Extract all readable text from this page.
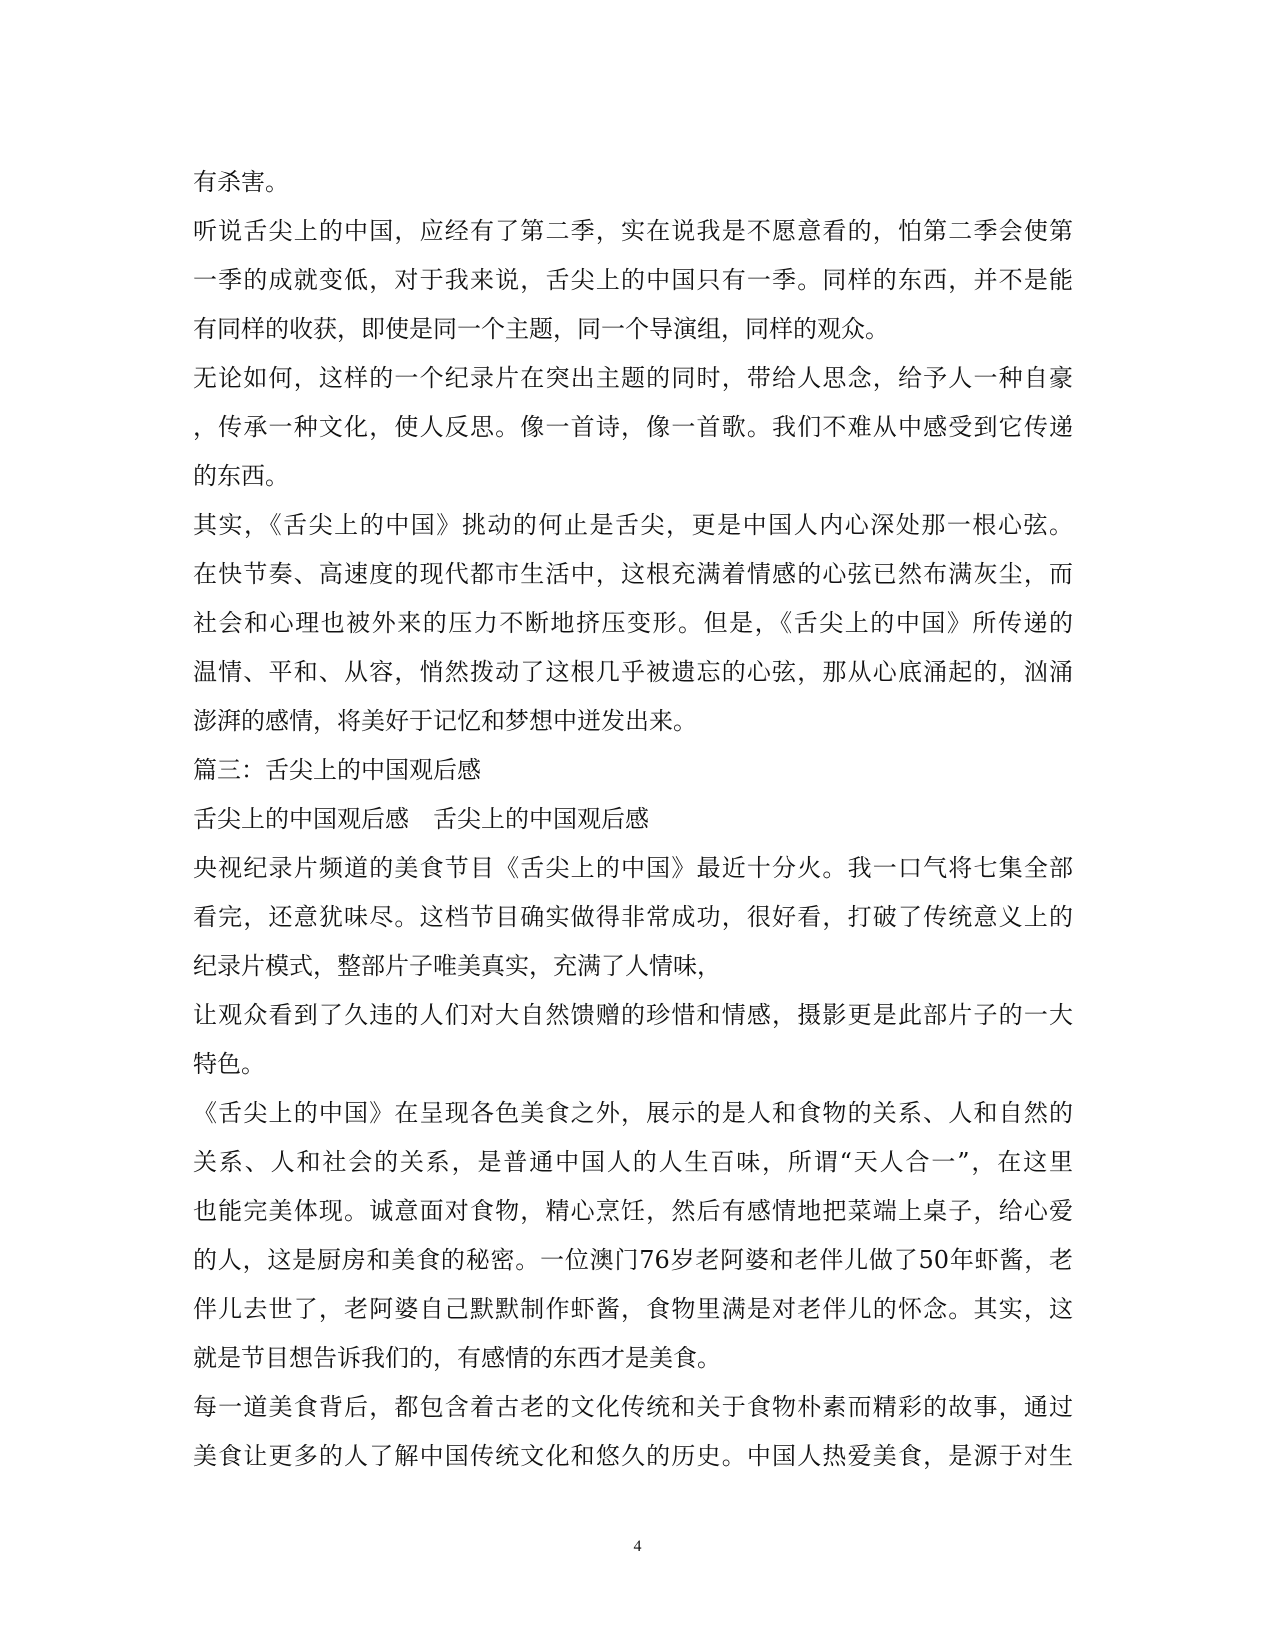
有杀害。
听说舌尖上的中国，应经有了第二季，实在说我是不愿意看的，怕第二季会使第
一季的成就变低，对于我来说，舌尖上的中国只有一季。同样的东西，并不是能
有同样的收获，即使是同一个主题，同一个导演组，同样的观众。
无论如何，这样的一个纪录片在突出主题的同时，带给人思念，给予人一种自豪
，传承一种文化，使人反思。像一首诗，像一首歌。我们不难从中感受到它传递
的东西。
其实，《舌尖上的中国》挑动的何止是舌尖，更是中国人内心深处那一根心弦。
在快节奏、高速度的现代都市生活中，这根充满着情感的心弦已然布满灰尘，而
社会和心理也被外来的压力不断地挤压变形。但是，《舌尖上的中国》所传递的
温情、平和、从容，悄然拨动了这根几乎被遗忘的心弦，那从心底涌起的，汹涌
澎湃的感情，将美好于记忆和梦想中迸发出来。
篇三：舌尖上的中国观后感
舌尖上的中国观后感　舌尖上的中国观后感
央视纪录片频道的美食节目《舌尖上的中国》最近十分火。我一口气将七集全部
看完，还意犹味尽。这档节目确实做得非常成功，很好看，打破了传统意义上的
纪录片模式，整部片子唯美真实，充满了人情味，
让观众看到了久违的人们对大自然馈赠的珍惜和情感，摄影更是此部片子的一大
特色。
《舌尖上的中国》在呈现各色美食之外，展示的是人和食物的关系、人和自然的
关系、人和社会的关系，是普通中国人的人生百味，所谓“天人合一”，在这里
也能完美体现。诚意面对食物，精心烹饪，然后有感情地把菜端上桌子，给心爱
的人，这是厨房和美食的秘密。一位澳门76岁老阿婆和老伴儿做了50年虾酱，老
伴儿去世了，老阿婆自己默默制作虾酱，食物里满是对老伴儿的怀念。其实，这
就是节目想告诉我们的，有感情的东西才是美食。
每一道美食背后，都包含着古老的文化传统和关于食物朴素而精彩的故事，通过
美食让更多的人了解中国传统文化和悠久的历史。中国人热爱美食，是源于对生
4
